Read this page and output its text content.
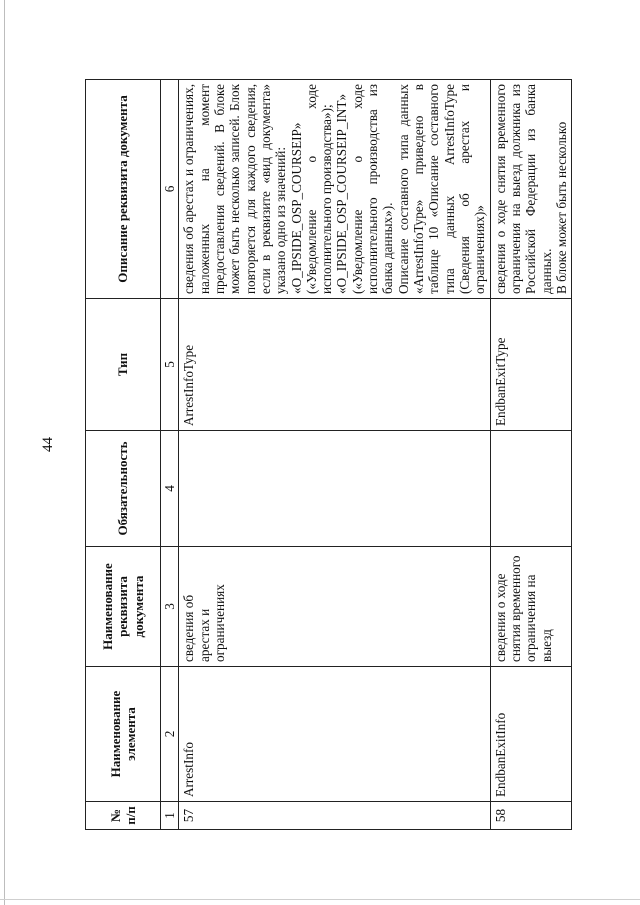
44
№ п/п	Наименование элемента	Наименование реквизита документа	Обязательность	Тип	Описание реквизита документа
1	2	3	4	5	6
57	ArrestInfo	сведения об арестах и ограничениях		ArrestInfoType	сведения об арестах и ограничениях, наложенных на момент предоставления сведений. В блоке может быть несколько записей. Блок повторяется для каждого сведения, если в реквизите «вид документа» указано одно из значений:
«O_IPSIDE_OSP_COURSEIP» («Уведомление о ходе исполнительного производства»);
«O_IPSIDE_OSP_COURSEIP_INT» («Уведомление о ходе исполнительного производства из банка данных»).
Описание составного типа данных «ArrestInfoType» приведено в таблице 10 «Описание составного типа данных ArrestInfoType (Сведения об арестах и ограничениях)»

58	EndbanExitInfo	сведения о ходе снятия временного ограничения на выезд		EndbanExitType	сведения о ходе снятия временного ограничения на выезд должника из Российской Федерации из банка данных.
В блоке может быть несколько
